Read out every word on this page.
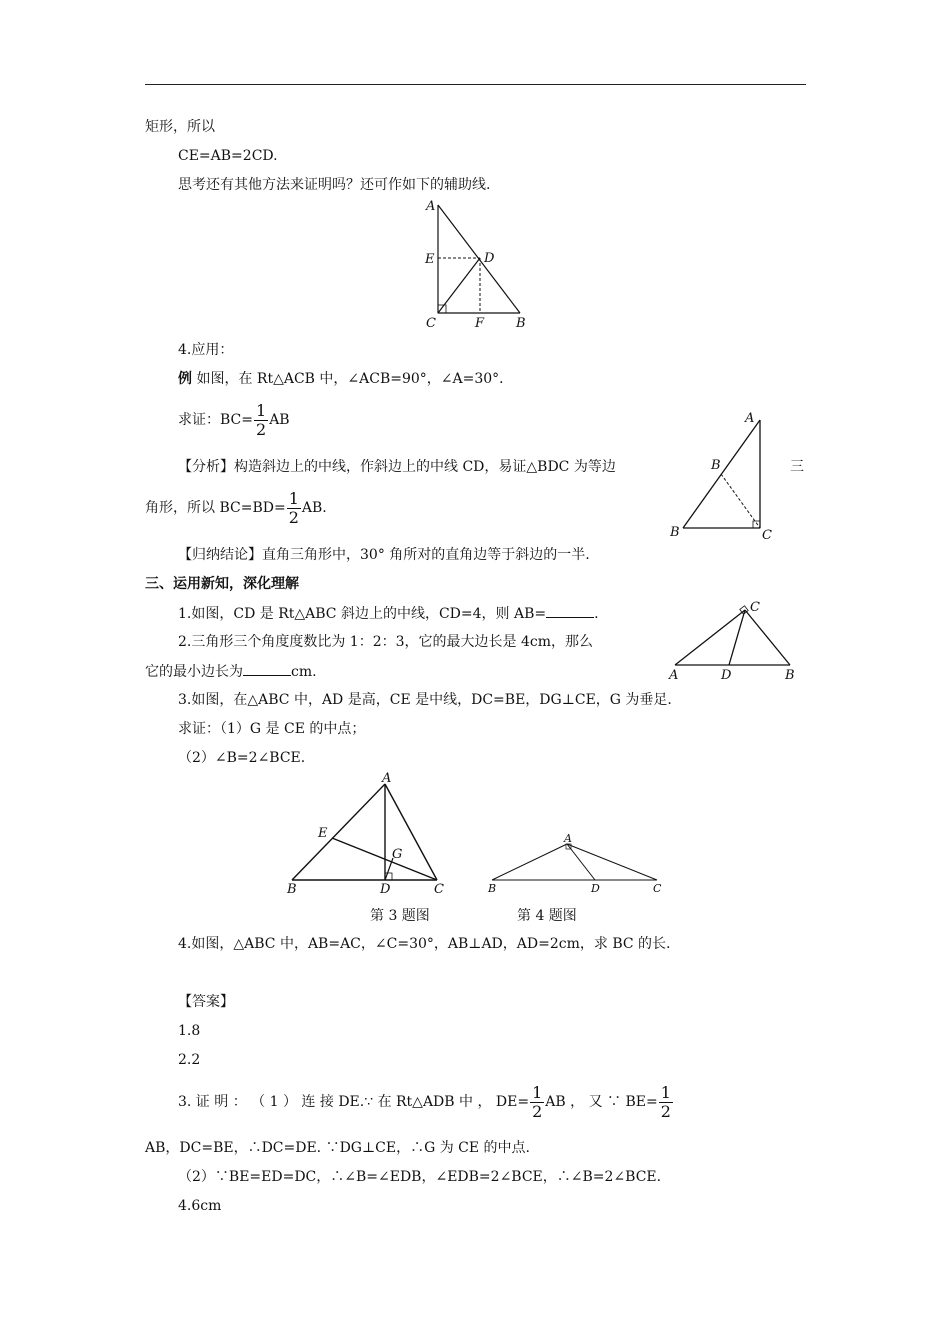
矩形，所以
CE=AB=2CD.
思考还有其他方法来证明吗？还可作如下的辅助线.
A
E	D
C	F B
4.应用：
例 如图，在 Rt△ACB 中，∠ACB=90°，∠A=30°．
求证：$BC= \frac{1}{2}$ AB
【分析】构造斜边上的中线，作斜边上的中线 CD，易证△BDC 为等边	三
角形，所以 $BC=BD= \frac{1}{2}$ AB.
A
B
B	C
【归纳结论】直角三角形中，30° 角所对的直角边等于斜边的一半.
三、运用新知，深化理解
1.如图，CD 是 Rt△ABC 斜边上的中线，CD=4，则 AB=	.
2.三角形三个角度度数比为 1：2：3，它的最大边长是 4cm，那么
它的最小边长为	cm.
C
A	D	B
3.如图，在△ABC 中，AD 是高，CE 是中线，DC=BE，DG⊥CE，G 为垂足.
求证：（1）G 是 CE 的中点；
（2）∠B=2∠BCE.
A
E
G
B	D	C
A
B	D	C
第 3 题图	第 4 题图
4.如图，△ABC 中，AB=AC，∠C=30°，AB⊥AD，AD=2cm，求 BC 的长.
【答案】
1.8
2.2
3. 证 明 ： （ 1 ） 连 接 DE.∵ 在 Rt△ADB 中 ， $DE= \frac{1}{2}$ AB ， 又 ∵ $BE= \frac{1}{2}$
AB，DC=BE，∴DC=DE. ∵DG⊥CE，∴G 为 CE 的中点.
（2）∵BE=ED=DC，∴∠B=∠EDB，∠EDB=2∠BCE，∴∠B=2∠BCE.
4.6cm
